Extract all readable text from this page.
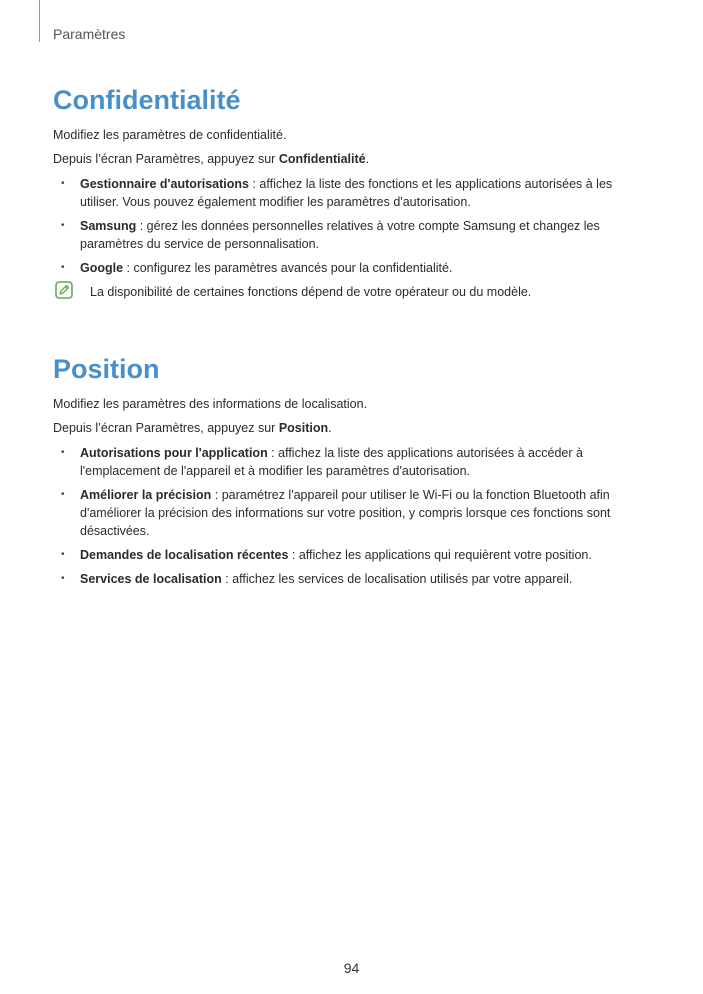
Paramètres
Confidentialité

Modifiez les paramètres de confidentialité.

Depuis l’écran Paramètres, appuyez sur Confidentialité.

• Gestionnaire d'autorisations : affichez la liste des fonctions et les applications autorisées à les utiliser. Vous pouvez également modifier les paramètres d'autorisation.
• Samsung : gérez les données personnelles relatives à votre compte Samsung et changez les paramètres du service de personnalisation.
• Google : configurez les paramètres avancés pour la confidentialité.
La disponibilité de certaines fonctions dépend de votre opérateur ou du modèle.
Position

Modifiez les paramètres des informations de localisation.

Depuis l’écran Paramètres, appuyez sur Position.

• Autorisations pour l'application : affichez la liste des applications autorisées à accéder à l'emplacement de l'appareil et à modifier les paramètres d'autorisation.
• Améliorer la précision : paramétrez l'appareil pour utiliser le Wi-Fi ou la fonction Bluetooth afin d'améliorer la précision des informations sur votre position, y compris lorsque ces fonctions sont désactivées.
• Demandes de localisation récentes : affichez les applications qui requièrent votre position.
• Services de localisation : affichez les services de localisation utilisés par votre appareil.
94
